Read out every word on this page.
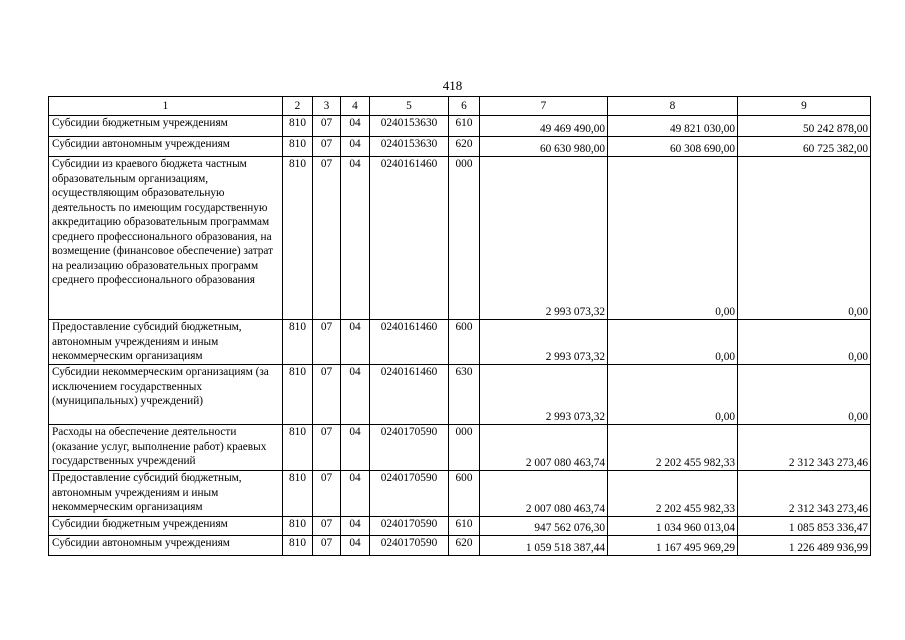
418
1	2	3	4	5	6	7	8	9
Субсидии бюджетным учреждениям	810	07	04	0240153630	610	49 469 490,00	49 821 030,00	50 242 878,00
Субсидии автономным учреждениям	810	07	04	0240153630	620	60 630 980,00	60 308 690,00	60 725 382,00
Субсидии из краевого бюджета частным образовательным организациям, осуществляющим образовательную деятельность по имеющим государственную аккредитацию образовательным программам среднего профессионального образования, на возмещение (финансовое обеспечение) затрат на реализацию образовательных программ среднего профессионального образования	810	07	04	0240161460	000	2 993 073,32	0,00	0,00
Предоставление субсидий бюджетным, автономным учреждениям и иным некоммерческим организациям	810	07	04	0240161460	600	2 993 073,32	0,00	0,00
Субсидии некоммерческим организациям (за исключением государственных (муниципальных) учреждений)	810	07	04	0240161460	630	2 993 073,32	0,00	0,00
Расходы на обеспечение деятельности (оказание услуг, выполнение работ) краевых государственных учреждений	810	07	04	0240170590	000	2 007 080 463,74	2 202 455 982,33	2 312 343 273,46
Предоставление субсидий бюджетным, автономным учреждениям и иным некоммерческим организациям	810	07	04	0240170590	600	2 007 080 463,74	2 202 455 982,33	2 312 343 273,46
Субсидии бюджетным учреждениям	810	07	04	0240170590	610	947 562 076,30	1 034 960 013,04	1 085 853 336,47
Субсидии автономным учреждениям	810	07	04	0240170590	620	1 059 518 387,44	1 167 495 969,29	1 226 489 936,99
